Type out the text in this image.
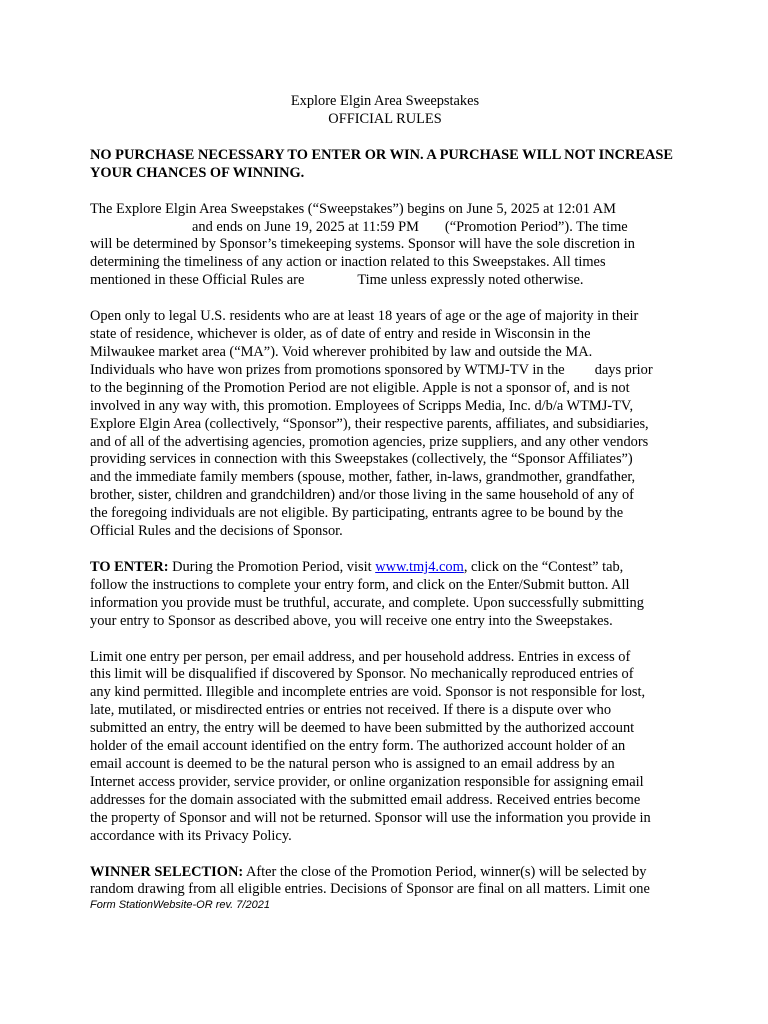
Explore Elgin Area Sweepstakes

OFFICIAL RULES

NO PURCHASE NECESSARY TO ENTER OR WIN. A PURCHASE WILL NOT INCREASE YOUR CHANCES OF WINNING.

The Explore Elgin Area Sweepstakes (“Sweepstakes”) begins on June 5, 2025 at 12:01 AM

and ends on June 19, 2025 at 11:59 PM (“Promotion Period”). The time

will be determined by Sponsor’s timekeeping systems. Sponsor will have the sole discretion in

determining the timeliness of any action or inaction related to this Sweepstakes. All times

mentioned in these Official Rules are	Time unless expressly noted otherwise.

Open only to legal U.S. residents who are at least 18 years of age or the age of majority in their

state of residence, whichever is older, as of date of entry and reside in Wisconsin in the

Milwaukee market area (“MA”). Void wherever prohibited by law and outside the MA.

Individuals who have won prizes from promotions sponsored by WTMJ-TV in the days prior

to the beginning of the Promotion Period are not eligible. Apple is not a sponsor of, and is not

involved in any way with, this promotion. Employees of Scripps Media, Inc. d/b/a WTMJ-TV,

Explore Elgin Area (collectively, “Sponsor”), their respective parents, affiliates, and subsidiaries,

and of all of the advertising agencies, promotion agencies, prize suppliers, and any other vendors

providing services in connection with this Sweepstakes (collectively, the “Sponsor Affiliates”)

and the immediate family members (spouse, mother, father, in-laws, grandmother, grandfather,

brother, sister, children and grandchildren) and/or those living in the same household of any of

the foregoing individuals are not eligible. By participating, entrants agree to be bound by the

Official Rules and the decisions of Sponsor.

TO ENTER: During the Promotion Period, visit www.tmj4.com, click on the “Contest” tab,

follow the instructions to complete your entry form, and click on the Enter/Submit button. All

information you provide must be truthful, accurate, and complete. Upon successfully submitting

your entry to Sponsor as described above, you will receive one entry into the Sweepstakes.

Limit one entry per person, per email address, and per household address. Entries in excess of

this limit will be disqualified if discovered by Sponsor. No mechanically reproduced entries of

any kind permitted. Illegible and incomplete entries are void. Sponsor is not responsible for lost,

late, mutilated, or misdirected entries or entries not received. If there is a dispute over who

submitted an entry, the entry will be deemed to have been submitted by the authorized account

holder of the email account identified on the entry form. The authorized account holder of an

email account is deemed to be the natural person who is assigned to an email address by an

Internet access provider, service provider, or online organization responsible for assigning email

addresses for the domain associated with the submitted email address. Received entries become

the property of Sponsor and will not be returned. Sponsor will use the information you provide in

accordance with its Privacy Policy.

WINNER SELECTION: After the close of the Promotion Period, winner(s) will be selected by

random drawing from all eligible entries. Decisions of Sponsor are final on all matters. Limit one

Form StationWebsite-OR rev. 7/2021
